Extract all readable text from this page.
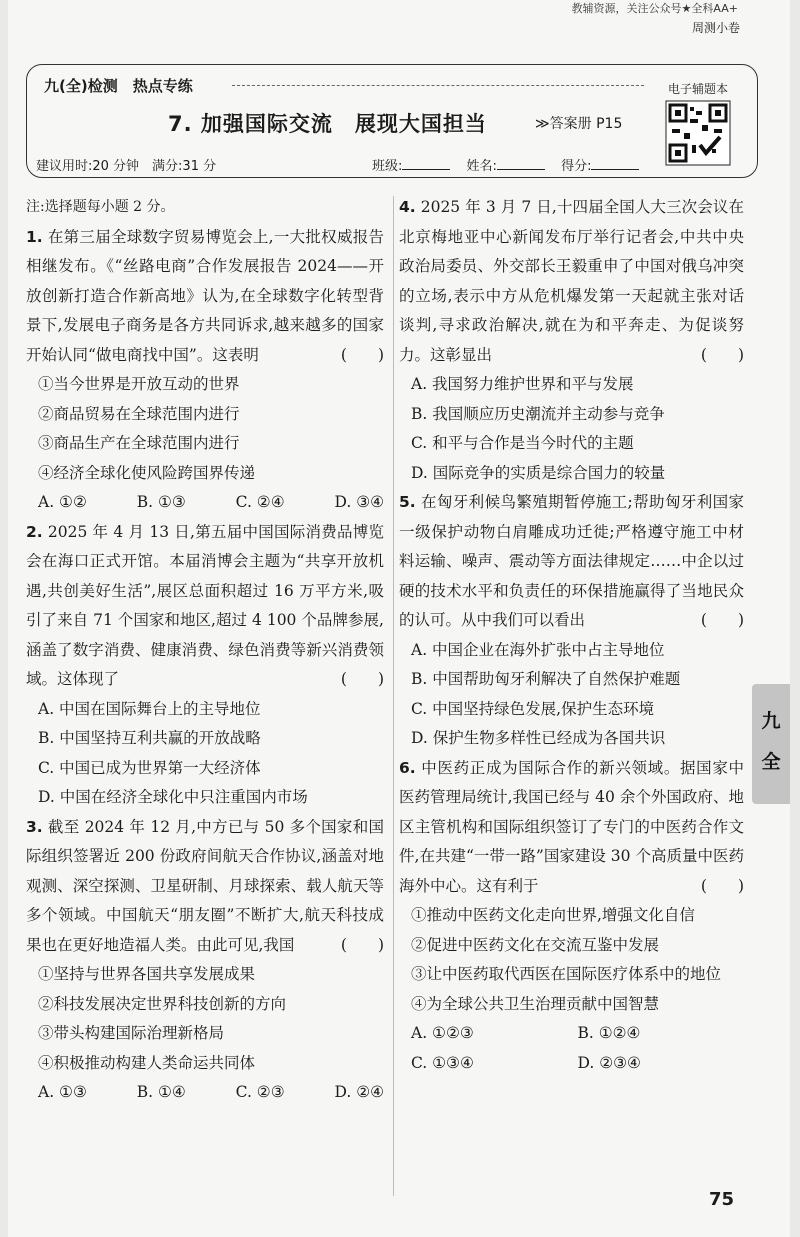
教辅资源，关注公众号★全科AA+
周测小卷
九(全)检测　热点专练
7. 加强国际交流　展现大国担当	≫答案册 P15
建议用时:20 分钟　满分:31 分	班级:	姓名:	得分:
电子辅题本
注:选择题每小题 2 分。
1. 在第三届全球数字贸易博览会上,一大批权威报告相继发布。《“丝路电商”合作发展报告 2024——开放创新打造合作新高地》认为,在全球数字化转型背景下,发展电子商务是各方共同诉求,越来越多的国家开始认同“做电商找中国”。这表明	(　　)
①当今世界是开放互动的世界
②商品贸易在全球范围内进行
③商品生产在全球范围内进行
④经济全球化使风险跨国界传递
A. ①②	B. ①③	C. ②④	D. ③④
2. 2025 年 4 月 13 日,第五届中国国际消费品博览会在海口正式开馆。本届消博会主题为“共享开放机遇,共创美好生活”,展区总面积超过 16 万平方米,吸引了来自 71 个国家和地区,超过 4 100 个品牌参展,涵盖了数字消费、健康消费、绿色消费等新兴消费领域。这体现了	(　　)
A. 中国在国际舞台上的主导地位
B. 中国坚持互利共赢的开放战略
C. 中国已成为世界第一大经济体
D. 中国在经济全球化中只注重国内市场
3. 截至 2024 年 12 月,中方已与 50 多个国家和国际组织签署近 200 份政府间航天合作协议,涵盖对地观测、深空探测、卫星研制、月球探索、载人航天等多个领域。中国航天“朋友圈”不断扩大,航天科技成果也在更好地造福人类。由此可见,我国	(　　)
①坚持与世界各国共享发展成果
②科技发展决定世界科技创新的方向
③带头构建国际治理新格局
④积极推动构建人类命运共同体
A. ①③	B. ①④	C. ②③	D. ②④
4. 2025 年 3 月 7 日,十四届全国人大三次会议在北京梅地亚中心新闻发布厅举行记者会,中共中央政治局委员、外交部长王毅重申了中国对俄乌冲突的立场,表示中方从危机爆发第一天起就主张对话谈判,寻求政治解决,就在为和平奔走、为促谈努力。这彰显出	(　　)
A. 我国努力维护世界和平与发展
B. 我国顺应历史潮流并主动参与竞争
C. 和平与合作是当今时代的主题
D. 国际竞争的实质是综合国力的较量
5. 在匈牙利候鸟繁殖期暂停施工;帮助匈牙利国家一级保护动物白肩雕成功迁徙;严格遵守施工中材料运输、噪声、震动等方面法律规定……中企以过硬的技术水平和负责任的环保措施赢得了当地民众的认可。从中我们可以看出	(　　)
A. 中国企业在海外扩张中占主导地位
B. 中国帮助匈牙利解决了自然保护难题
C. 中国坚持绿色发展,保护生态环境
D. 保护生物多样性已经成为各国共识
6. 中医药正成为国际合作的新兴领域。据国家中医药管理局统计,我国已经与 40 余个外国政府、地区主管机构和国际组织签订了专门的中医药合作文件,在共建“一带一路”国家建设 30 个高质量中医药海外中心。这有利于	(　　)
①推动中医药文化走向世界,增强文化自信
②促进中医药文化在交流互鉴中发展
③让中医药取代西医在国际医疗体系中的地位
④为全球公共卫生治理贡献中国智慧
A. ①②③	B. ①②④
C. ①③④	D. ②③④
九
全
75
